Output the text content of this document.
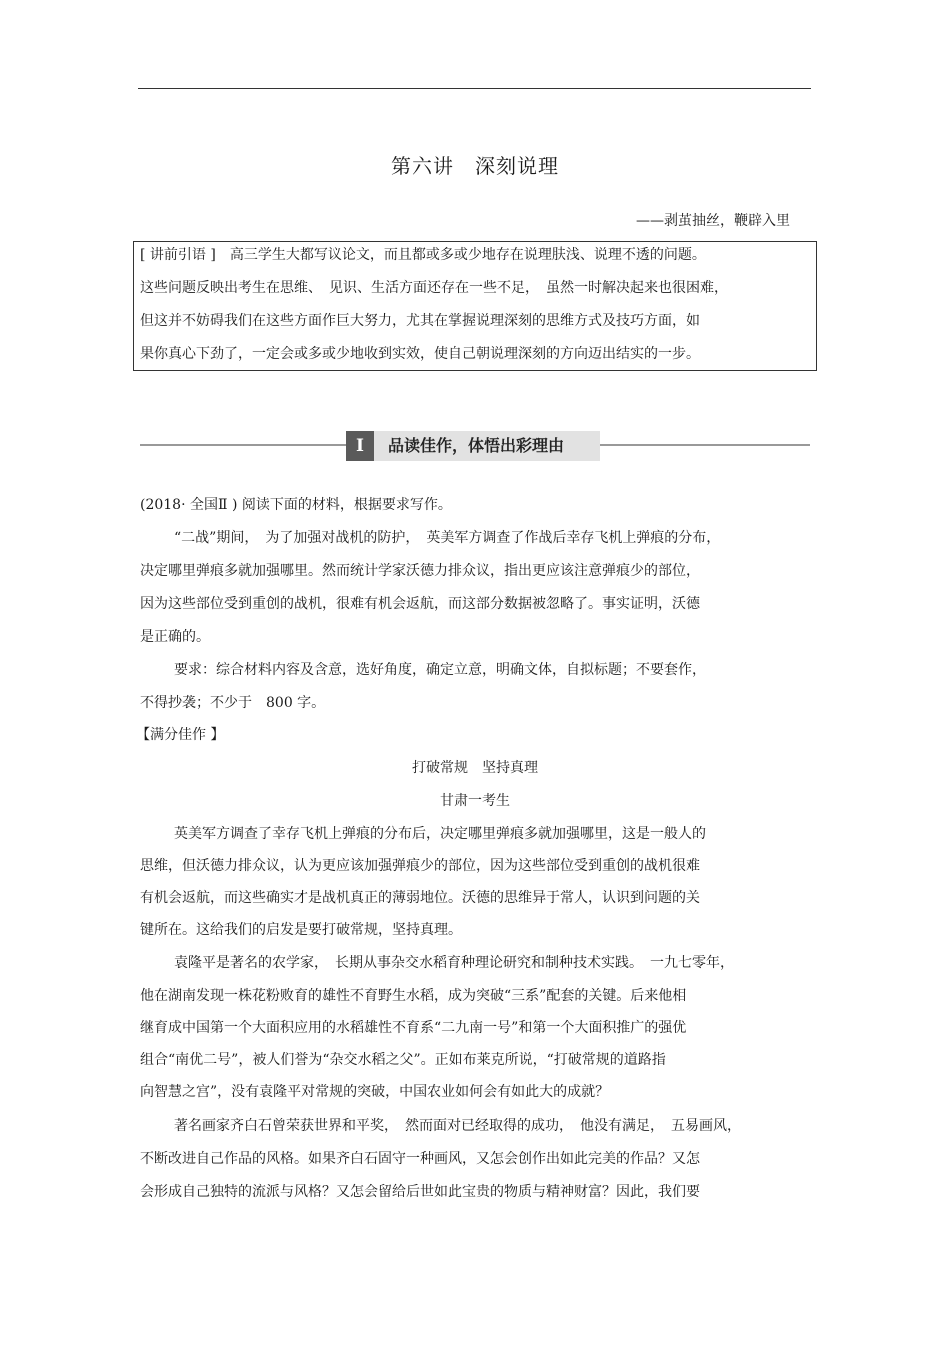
第六讲　深刻说理
——剥茧抽丝，鞭辟入里
[ 讲前引语 ]　高三学生大都写议论文，而且都或多或少地存在说理肤浅、说理不透的问题。
这些问题反映出考生在思维、　见识、生活方面还存在一些不足，　虽然一时解决起来也很困难，
但这并不妨碍我们在这些方面作巨大努力，尤其在掌握说理深刻的思维方式及技巧方面，如
果你真心下劲了，一定会或多或少地收到实效，使自己朝说理深刻的方向迈出结实的一步。
Ⅰ	品读佳作，体悟出彩理由
(2018· 全国Ⅱ ) 阅读下面的材料，根据要求写作。
“二战”期间，　为了加强对战机的防护，　英美军方调查了作战后幸存飞机上弹痕的分布，
决定哪里弹痕多就加强哪里。然而统计学家沃德力排众议，指出更应该注意弹痕少的部位，
因为这些部位受到重创的战机，很难有机会返航，而这部分数据被忽略了。事实证明，沃德
是正确的。
要求：综合材料内容及含意，选好角度，确定立意，明确文体，自拟标题；不要套作，
不得抄袭；不少于　800 字。
【满分佳作 】
打破常规　坚持真理
甘肃一考生
英美军方调查了幸存飞机上弹痕的分布后，决定哪里弹痕多就加强哪里，这是一般人的
思维，但沃德力排众议，认为更应该加强弹痕少的部位，因为这些部位受到重创的战机很难
有机会返航，而这些确实才是战机真正的薄弱地位。沃德的思维异于常人，认识到问题的关
键所在。这给我们的启发是要打破常规，坚持真理。
袁隆平是著名的农学家，　长期从事杂交水稻育种理论研究和制种技术实践。　一九七零年，
他在湖南发现一株花粉败育的雄性不育野生水稻，成为突破“三系”配套的关键。后来他相
继育成中国第一个大面积应用的水稻雄性不育系“二九南一号”和第一个大面积推广的强优
组合“南优二号”，被人们誉为“杂交水稻之父”。正如布莱克所说，“打破常规的道路指
向智慧之宫”，没有袁隆平对常规的突破，中国农业如何会有如此大的成就？
著名画家齐白石曾荣获世界和平奖，　然而面对已经取得的成功，　他没有满足，　五易画风，
不断改进自己作品的风格。如果齐白石固守一种画风，又怎会创作出如此完美的作品？又怎
会形成自己独特的流派与风格？又怎会留给后世如此宝贵的物质与精神财富？因此，我们要
